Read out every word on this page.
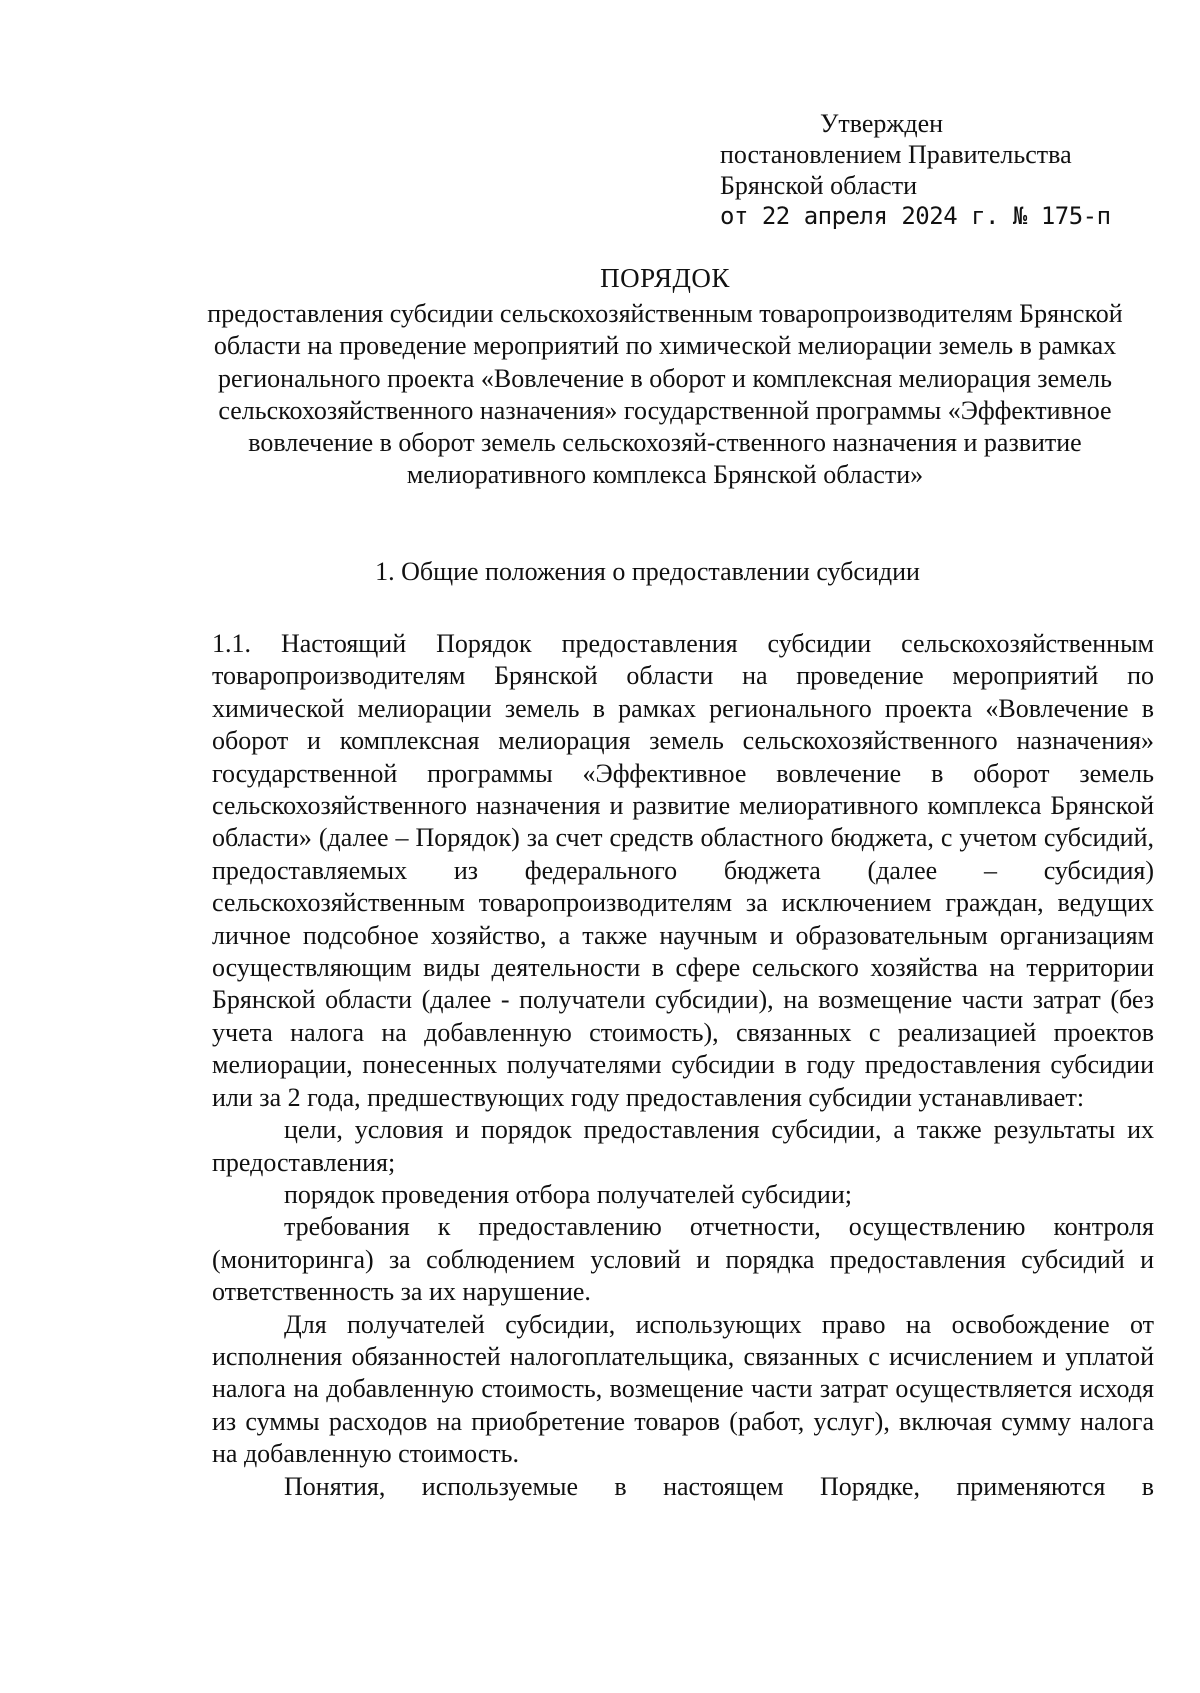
Утвержден
постановлением Правительства
Брянской области
от 22 апреля 2024 г. № 175-п
ПОРЯДОК
предоставления субсидии сельскохозяйственным товаропроизводителям Брянской области на проведение мероприятий по химической мелиорации земель в рамках регионального проекта «Вовлечение в оборот и комплексная мелиорация земель сельскохозяйственного назначения» государственной программы «Эффективное вовлечение в оборот земель сельскохозяй-ственного назначения и развитие мелиоративного комплекса Брянской области»
1. Общие положения о предоставлении субсидии

1.1. Настоящий Порядок предоставления субсидии сельскохозяйственным товаропроизводителям Брянской области на проведение мероприятий по химической мелиорации земель в рамках регионального проекта «Вовлечение в оборот и комплексная мелиорация земель сельскохозяйственного назначения» государственной программы «Эффективное вовлечение в оборот земель сельскохозяйственного назначения и развитие мелиоративного комплекса Брянской области» (далее – Порядок) за счет средств областного бюджета, с учетом субсидий, предоставляемых из федерального бюджета (далее – субсидия) сельскохозяйственным товаропроизводителям за исключением граждан, ведущих личное подсобное хозяйство, а также научным и образовательным организациям осуществляющим виды деятельности в сфере сельского хозяйства на территории Брянской области (далее - получатели субсидии), на возмещение части затрат (без учета налога на добавленную стоимость), связанных с реализацией проектов мелиорации, понесенных получателями субсидии в году предоставления субсидии или за 2 года, предшествующих году предоставления субсидии устанавливает:

цели, условия и порядок предоставления субсидии, а также результаты их предоставления;

порядок проведения отбора получателей субсидии;

требования к предоставлению отчетности, осуществлению контроля (мониторинга) за соблюдением условий и порядка предоставления субсидий и ответственность за их нарушение.

Для получателей субсидии, использующих право на освобождение от исполнения обязанностей налогоплательщика, связанных с исчислением и уплатой налога на добавленную стоимость, возмещение части затрат осуществляется исходя из суммы расходов на приобретение товаров (работ, услуг), включая сумму налога на добавленную стоимость.

Понятия, используемые в настоящем Порядке, применяются в
